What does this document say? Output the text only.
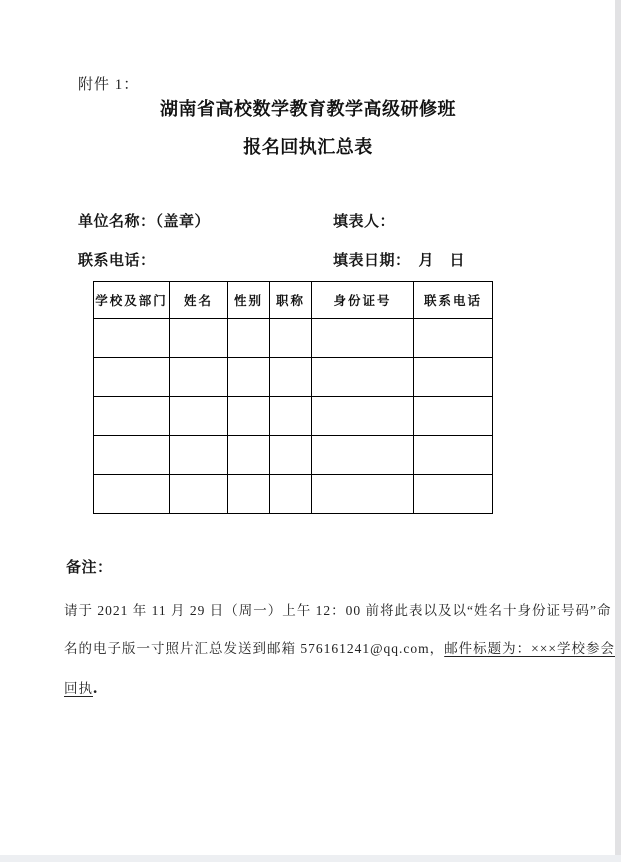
附件 1：
湖南省高校数学教育教学高级研修班
报名回执汇总表
单位名称：（盖章）	填表人：
联系电话：	填表日期：　月　日
学校及部门	姓名	性别	职称	身份证号	联系电话

备注：

请于 2021 年 11 月 29 日（周一）上午 12：00 前将此表以及以“姓名十身份证号码”命

名的电子版一寸照片汇总发送到邮箱 576161241@qq.com，邮件标题为：×××学校参会

回执.
